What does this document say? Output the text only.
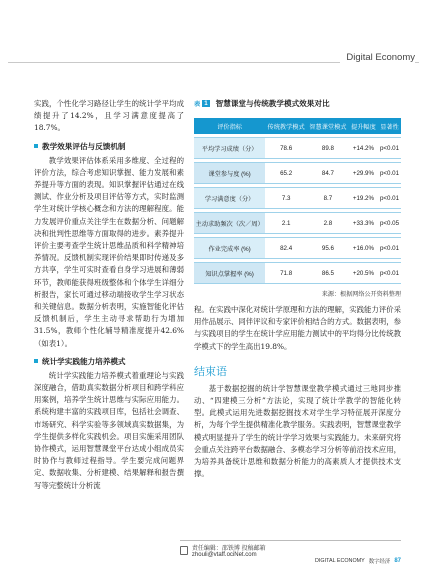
Digital Economy

实践，个性化学习路径让学生的统计学平均成绩提升了14.2%，且学习满意度提高了18.7%。

教学效果评估与反馈机制

教学效果评估体系采用多维度、全过程的评价方法，综合考虑知识掌握、能力发展和素养提升等方面的表现。知识掌握评估通过在线测试、作业分析及项目评估等方式，实时监测学生对统计学核心概念和方法的理解程度。能力发展评价重点关注学生在数据分析、问题解决和批判性思维等方面取得的进步。素养提升评价主要考查学生统计思维品质和科学精神培养情况。反馈机制实现评价结果即时传递及多方共享，学生可实时查看自身学习进展和薄弱环节，教师能获得班级整体和个体学生详细分析报告，家长可通过移动端接收学生学习状态和关键信息。数据分析表明，实施智能化评估反馈机制后，学生主动寻求帮助行为增加31.5%，教师个性化辅导精准度提升42.6%（如表1）。

统计学实践能力培养模式

统计学实践能力培养模式着重理论与实践深度融合，借助真实数据分析项目和跨学科应用案例，培养学生统计思维与实际应用能力。系统构建丰富的实践项目库，包括社会调查、市场研究、科学实验等多领域真实数据集，为学生提供多样化实践机会。项目实施采用团队协作模式，运用智慧课堂平台达成小组成员实时协作与教师过程指导。学生要完成问题界定、数据收集、分析建模、结果解释和报告撰写等完整统计分析流

表 1 智慧课堂与传统教学模式效果对比
评价指标	传统教学模式	智慧课堂模式	提升幅度	显著性
平均学习成绩（分）	78.6	89.8	+14.2%	p<0.01
课堂参与度 (%)	65.2	84.7	+29.9%	p<0.01
学习满意度（分）	7.3	8.7	+19.2%	p<0.01
主动求助频次（次／周）	2.1	2.8	+33.3%	p<0.05
作业完成率 (%)	82.4	95.6	+16.0%	p<0.01
知识点掌握率 (%)	71.8	86.5	+20.5%	p<0.01
来源：根据网络公开资料整理

程。在实践中深化对统计学原理和方法的理解，实践能力评价采用作品展示、同伴评议和专家评价相结合的方式。数据表明，参与实践项目的学生在统计学应用能力测试中的平均得分比传统教学模式下的学生高出19.8%。

结束语

基于数据挖掘的统计学智慧课堂教学模式通过三地同步推动、“四建模三分析”方法论，实现了统计学教学的智能化转型。此模式运用先进数据挖掘技术对学生学习特征展开深度分析，为每个学生提供精准化教学服务。实践表明，智慧课堂教学模式明显提升了学生的统计学学习效果与实践能力。未来研究将会重点关注跨平台数据融合、多模态学习分析等前沿技术应用，为培养具备统计思维和数据分析能力的高素质人才提供技术支撑。

责任编辑：邵铁博 投稿邮箱 zhouli@vtaff.ociNet.com
DIGITAL ECONOMY 数字经济 87
